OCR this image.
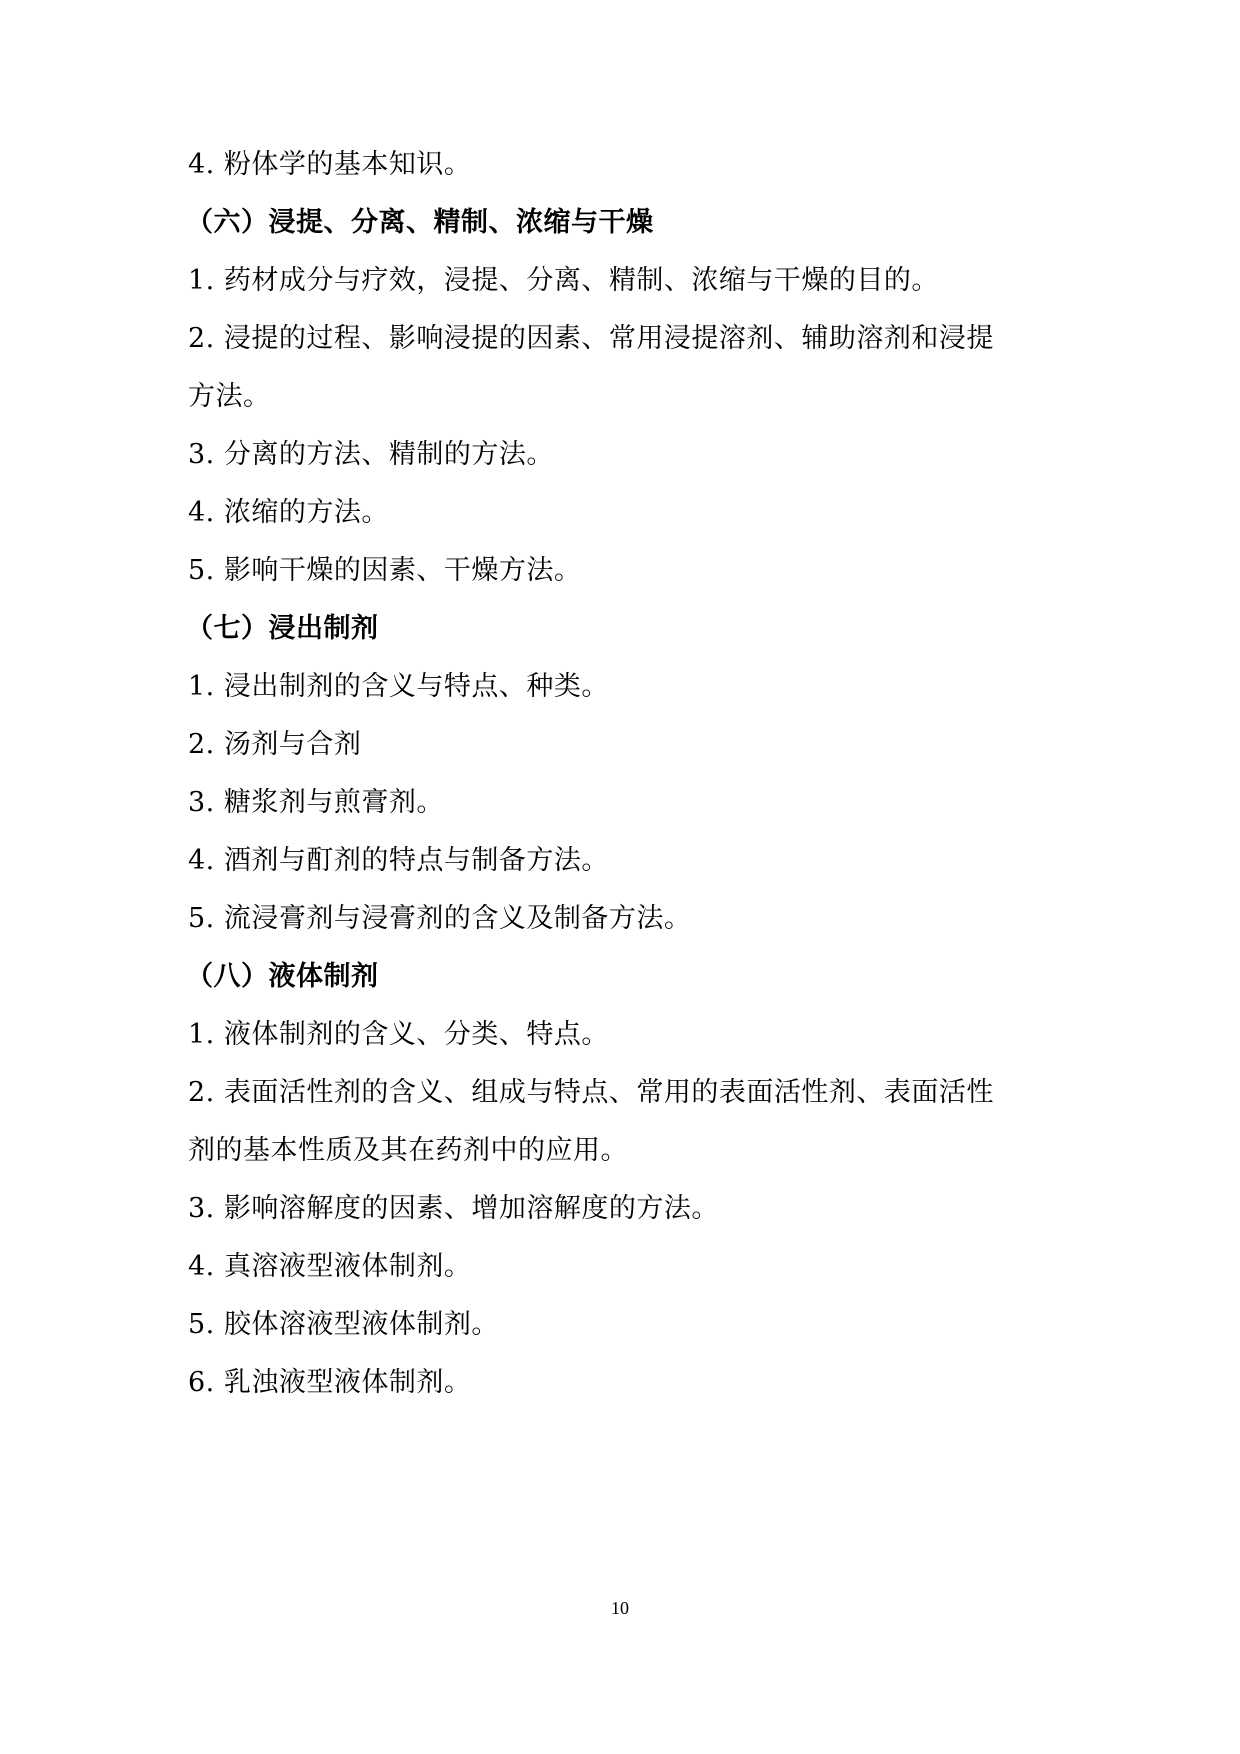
4. 粉体学的基本知识。
（六）浸提、分离、精制、浓缩与干燥
1. 药材成分与疗效，浸提、分离、精制、浓缩与干燥的目的。
2. 浸提的过程、影响浸提的因素、常用浸提溶剂、辅助溶剂和浸提
方法。
3. 分离的方法、精制的方法。
4. 浓缩的方法。
5. 影响干燥的因素、干燥方法。
（七）浸出制剂
1. 浸出制剂的含义与特点、种类。
2. 汤剂与合剂
3. 糖浆剂与煎膏剂。
4. 酒剂与酊剂的特点与制备方法。
5. 流浸膏剂与浸膏剂的含义及制备方法。
（八）液体制剂
1. 液体制剂的含义、分类、特点。
2. 表面活性剂的含义、组成与特点、常用的表面活性剂、表面活性
剂的基本性质及其在药剂中的应用。
3. 影响溶解度的因素、增加溶解度的方法。
4. 真溶液型液体制剂。
5. 胶体溶液型液体制剂。
6. 乳浊液型液体制剂。
10
